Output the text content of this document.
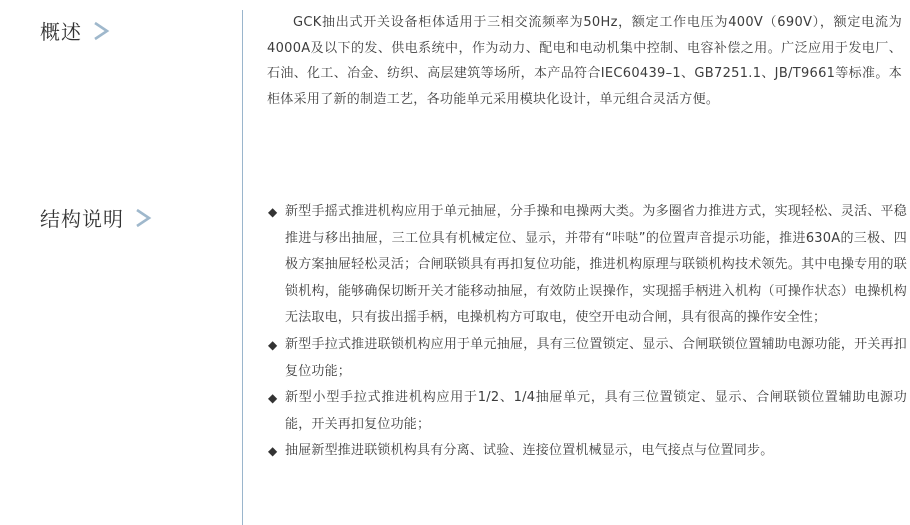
概述	GCK抽出式开关设备柜体适用于三相交流频率为50Hz，额定工作电压为400V（690V），额定电流为4000A及以下的发、供电系统中，作为动力、配电和电动机集中控制、电容补偿之用。广泛应用于发电厂、石油、化工、冶金、纺织、高层建筑等场所，本产品符合IEC60439–1、GB7251.1、JB/T9661等标准。本柜体采用了新的制造工艺，各功能单元采用模块化设计，单元组合灵活方便。

结构说明	◆ 新型手摇式推进机构应用于单元抽屉，分手操和电操两大类。为多圈省力推进方式，实现轻松、灵活、平稳推进与移出抽屉，三工位具有机械定位、显示，并带有“咔哒”的位置声音提示功能，推进630A的三极、四极方案抽屉轻松灵活；合闸联锁具有再扣复位功能，推进机构原理与联锁机构技术领先。其中电操专用的联锁机构，能够确保切断开关才能移动抽屉，有效防止误操作，实现摇手柄进入机构（可操作状态）电操机构无法取电，只有拔出摇手柄，电操机构方可取电，使空开电动合闸，具有很高的操作安全性；
◆ 新型手拉式推进联锁机构应用于单元抽屉，具有三位置锁定、显示、合闸联锁位置辅助电源功能，开关再扣复位功能；
◆ 新型小型手拉式推进机构应用于1/2、1/4抽屉单元，具有三位置锁定、显示、合闸联锁位置辅助电源功能，开关再扣复位功能；
◆ 抽屉新型推进联锁机构具有分离、试验、连接位置机械显示，电气接点与位置同步。
